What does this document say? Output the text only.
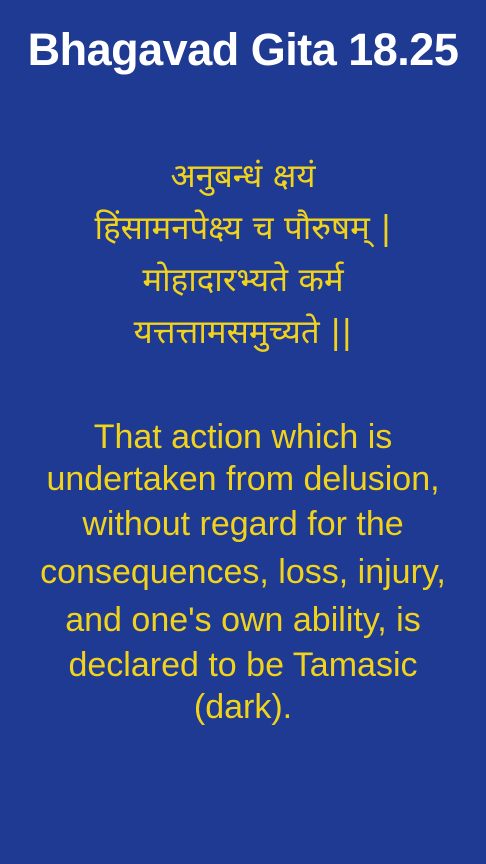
Bhagavad Gita 18.25
अनुबन्धं क्षयं
हिंसामनपेक्ष्य च पौरुषम् |
मोहादारभ्यते कर्म
यत्तत्तामसमुच्यते ||
That action which is
undertaken from delusion,
without regard for the
consequences, loss, injury,
and one's own ability, is
declared to be Tamasic
(dark).
